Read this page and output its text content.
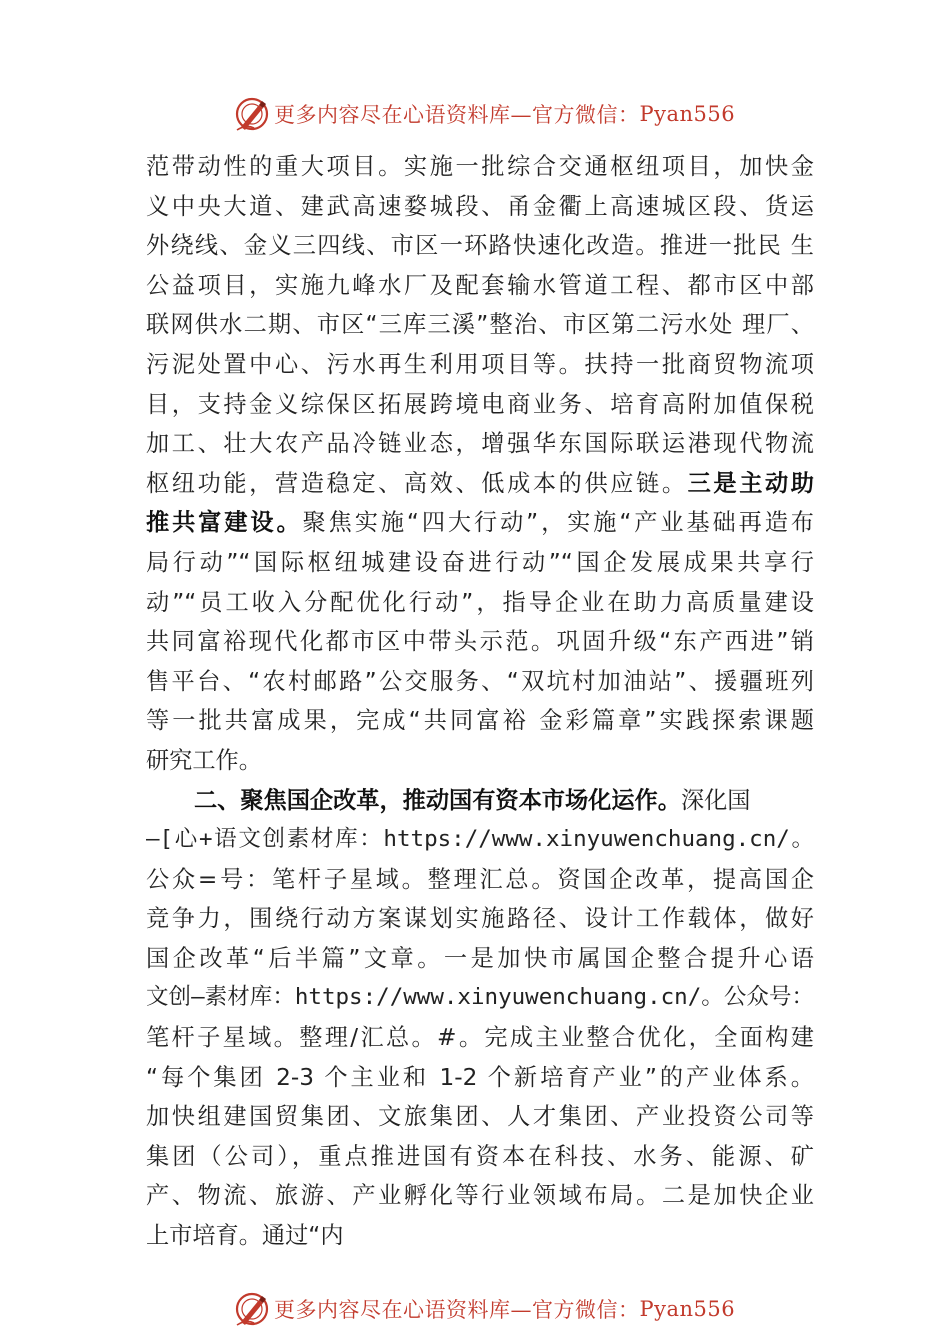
更多内容尽在心语资料库—官方微信： Pyan556
范带动性的重大项目。实施一批综合交通枢纽项目，加快金
义中央大道、建武高速婺城段、甬金衢上高速城区段、货运
外绕线、金义三四线、市区一环路快速化改造。推进一批民 生
公益项目，实施九峰水厂及配套输水管道工程、都市区中部
联网供水二期、市区“三库三溪”整治、市区第二污水处 理厂、
污泥处置中心、污水再生利用项目等。扶持一批商贸物流项
目，支持金义综保区拓展跨境电商业务、培育高附加值保税
加工、壮大农产品冷链业态，增强华东国际联运港现代物流
枢纽功能，营造稳定、高效、低成本的供应链。三是主动助
推共富建设。聚焦实施“四大行动”，实施“产业基础再造布
局行动”“国际枢纽城建设奋进行动”“国企发展成果共享行
动”“员工收入分配优化行动”，指导企业在助力高质量建设
共同富裕现代化都市区中带头示范。巩固升级“东产西进”销
售平台、“农村邮路”公交服务、“双坑村加油站”、援疆班列
等一批共富成果，完成“共同富裕 金彩篇章”实践探索课题
研究工作。
二、聚焦国企改革，推动国有资本市场化运作。深化国
—[心+语文创素材库：https://www.xinyuwenchuang.cn/。
公众=号：笔杆子星域。整理汇总。资国企改革，提高国企
竞争力，围绕行动方案谋划实施路径、设计工作载体，做好
国企改革“后半篇”文章。一是加快市属国企整合提升心语
文创—素材库：https://www.xinyuwenchuang.cn/。公众号：
笔杆子星域。整理/汇总。#。完成主业整合优化，全面构建
“每个集团 2-3 个主业和 1-2 个新培育产业”的产业体系。
加快组建国贸集团、文旅集团、人才集团、产业投资公司等
集团（公司），重点推进国有资本在科技、水务、能源、矿
产、物流、旅游、产业孵化等行业领域布局。二是加快企业
上市培育。通过“内
更多内容尽在心语资料库—官方微信： Pyan556
